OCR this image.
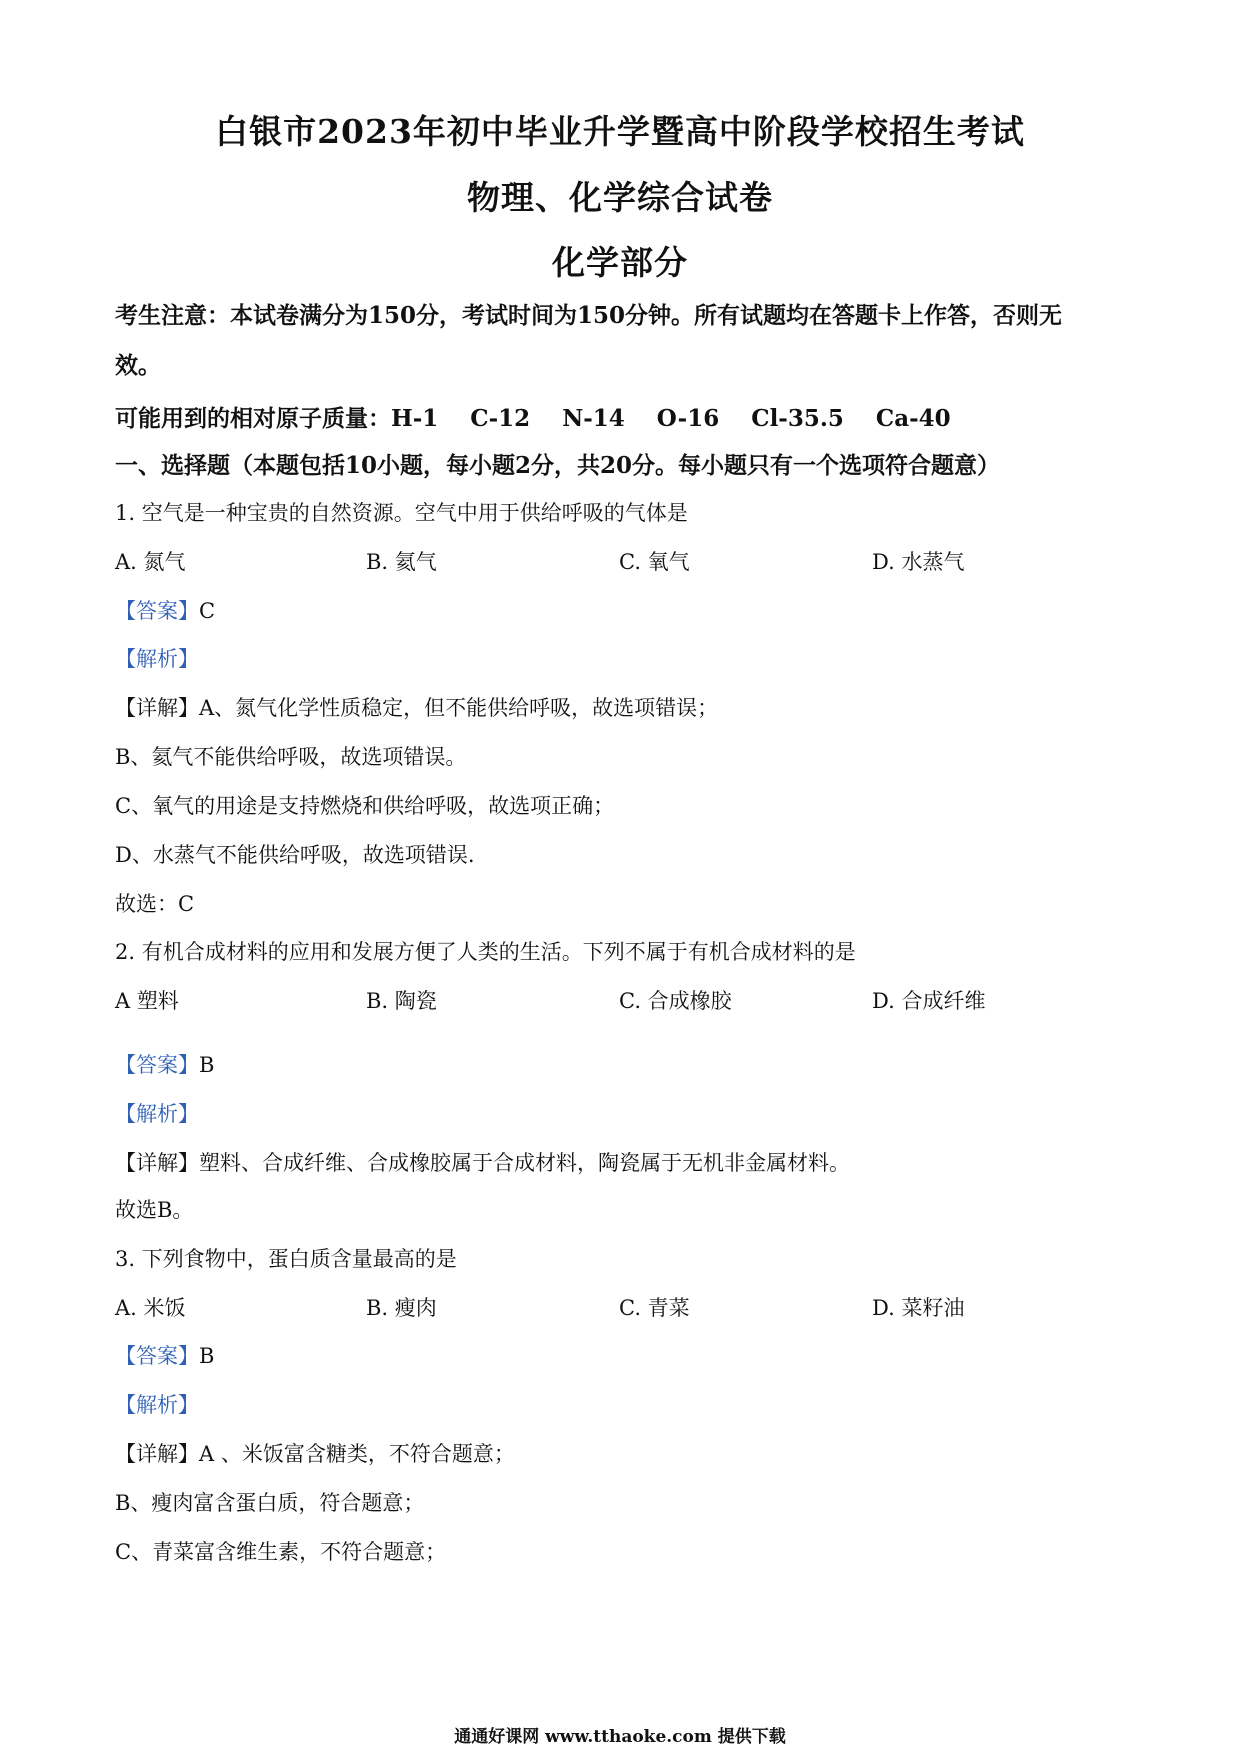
白银市2023年初中毕业升学暨高中阶段学校招生考试
物理、化学综合试卷
化学部分
考生注意：本试卷满分为150分，考试时间为150分钟。所有试题均在答题卡上作答，否则无
效。
可能用到的相对原子质量：H-1    C-12    N-14    O-16    Cl-35.5    Ca-40
一、选择题（本题包括10小题，每小题2分，共20分。每小题只有一个选项符合题意）
1. 空气是一种宝贵的自然资源。空气中用于供给呼吸的气体是
A. 氮气	B. 氦气	C. 氧气	D. 水蒸气
【答案】C
【解析】
【详解】A、氮气化学性质稳定，但不能供给呼吸，故选项错误；
B、氦气不能供给呼吸，故选项错误。
C、氧气的用途是支持燃烧和供给呼吸，故选项正确；
D、水蒸气不能供给呼吸，故选项错误.
故选：C
2. 有机合成材料的应用和发展方便了人类的生活。下列不属于有机合成材料的是
A 塑料	B. 陶瓷	C. 合成橡胶	D. 合成纤维
【答案】B
【解析】
【详解】塑料、合成纤维、合成橡胶属于合成材料，陶瓷属于无机非金属材料。
故选B。
3. 下列食物中，蛋白质含量最高的是
A. 米饭	B. 瘦肉	C. 青菜	D. 菜籽油
【答案】B
【解析】
【详解】A 、米饭富含糖类，不符合题意；
B、瘦肉富含蛋白质，符合题意；
C、青菜富含维生素，不符合题意；
通通好课网 www.tthaoke.com 提供下载
